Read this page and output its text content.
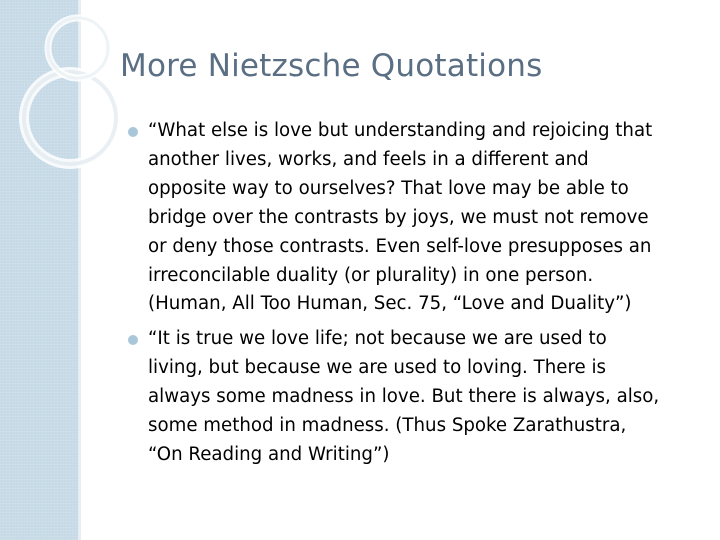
More Nietzsche Quotations
“What else is love but understanding and rejoicing that
another lives, works, and feels in a different and
opposite way to ourselves? That love may be able to
bridge over the contrasts by joys, we must not remove
or deny those contrasts. Even self-love presupposes an
irreconcilable duality (or plurality) in one person.
(Human, All Too Human, Sec. 75, “Love and Duality”)
“It is true we love life; not because we are used to
living, but because we are used to loving. There is
always some madness in love. But there is always, also,
some method in madness. (Thus Spoke Zarathustra,
“On Reading and Writing”)
